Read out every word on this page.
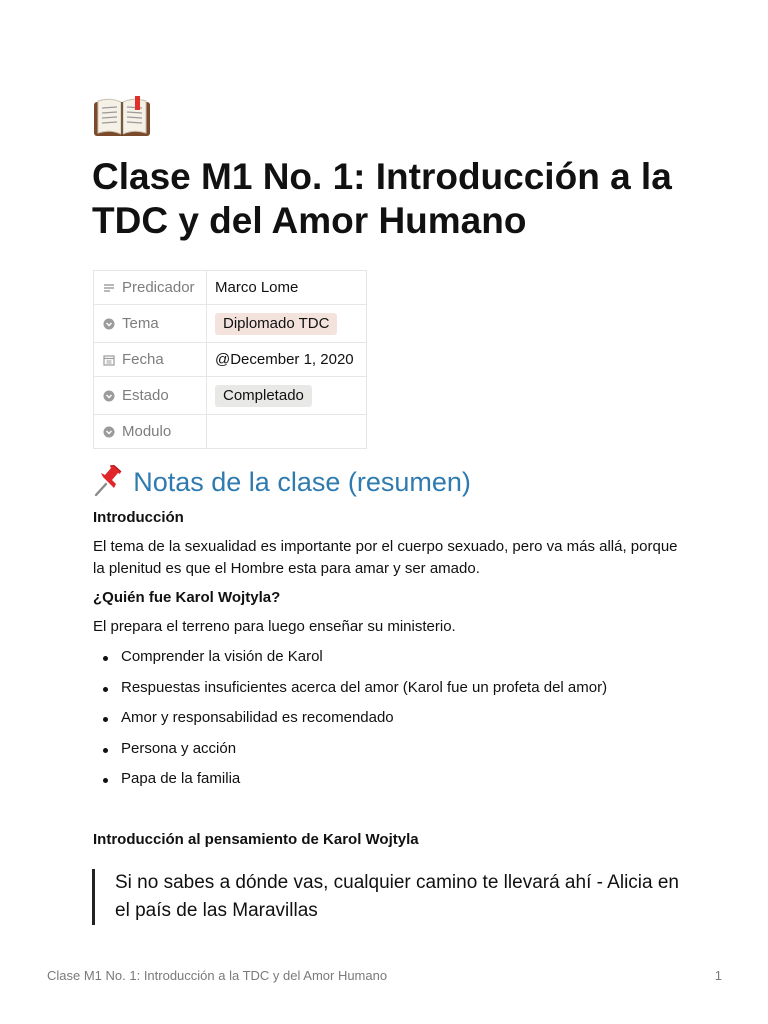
Clase M1 No. 1: Introducción a la TDC y del Amor Humano
Predicador	Marco Lome
Tema	Diplomado TDC
Fecha	@December 1, 2020
Estado	Completado
Modulo	
Notas de la clase (resumen)
Introducción

El tema de la sexualidad es importante por el cuerpo sexuado, pero va más allá, porque la plenitud es que el Hombre esta para amar y ser amado.

¿Quién fue Karol Wojtyla?

El prepara el terreno para luego enseñar su ministerio.

Comprender la visión de Karol
Respuestas insuficientes acerca del amor (Karol fue un profeta del amor)
Amor y responsabilidad es recomendado
Persona y acción
Papa de la familia
Introducción al pensamiento de Karol Wojtyla
Si no sabes a dónde vas, cualquier camino te llevará ahí - Alicia en el país de las Maravillas
Clase M1 No. 1: Introducción a la TDC y del Amor Humano	1
